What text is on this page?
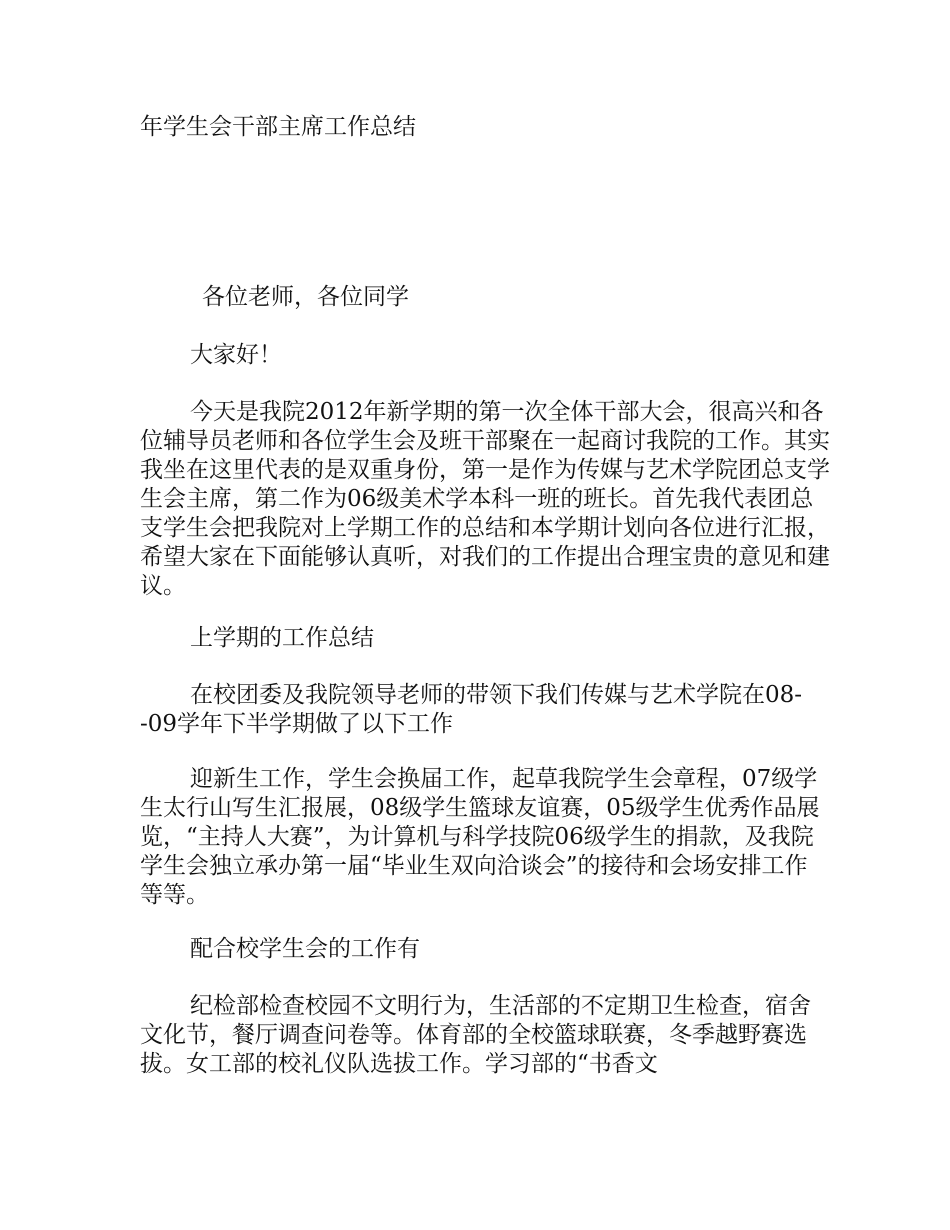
年学生会干部主席工作总结

各位老师，各位同学

大家好！

今天是我院2012年新学期的第一次全体干部大会，很高兴和各位辅导员老师和各位学生会及班干部聚在一起商讨我院的工作。其实我坐在这里代表的是双重身份，第一是作为传媒与艺术学院团总支学生会主席，第二作为06级美术学本科一班的班长。首先我代表团总支学生会把我院对上学期工作的总结和本学期计划向各位进行汇报，希望大家在下面能够认真听，对我们的工作提出合理宝贵的意见和建议。

上学期的工作总结

在校团委及我院领导老师的带领下我们传媒与艺术学院在08--09学年下半学期做了以下工作

迎新生工作，学生会换届工作，起草我院学生会章程，07级学生太行山写生汇报展，08级学生篮球友谊赛，05级学生优秀作品展览，“主持人大赛”，为计算机与科学技院06级学生的捐款，及我院学生会独立承办第一届“毕业生双向洽谈会”的接待和会场安排工作等等。

配合校学生会的工作有

纪检部检查校园不文明行为，生活部的不定期卫生检查，宿舍文化节，餐厅调查问卷等。体育部的全校篮球联赛，冬季越野赛选拔。女工部的校礼仪队选拔工作。学习部的“书香文
